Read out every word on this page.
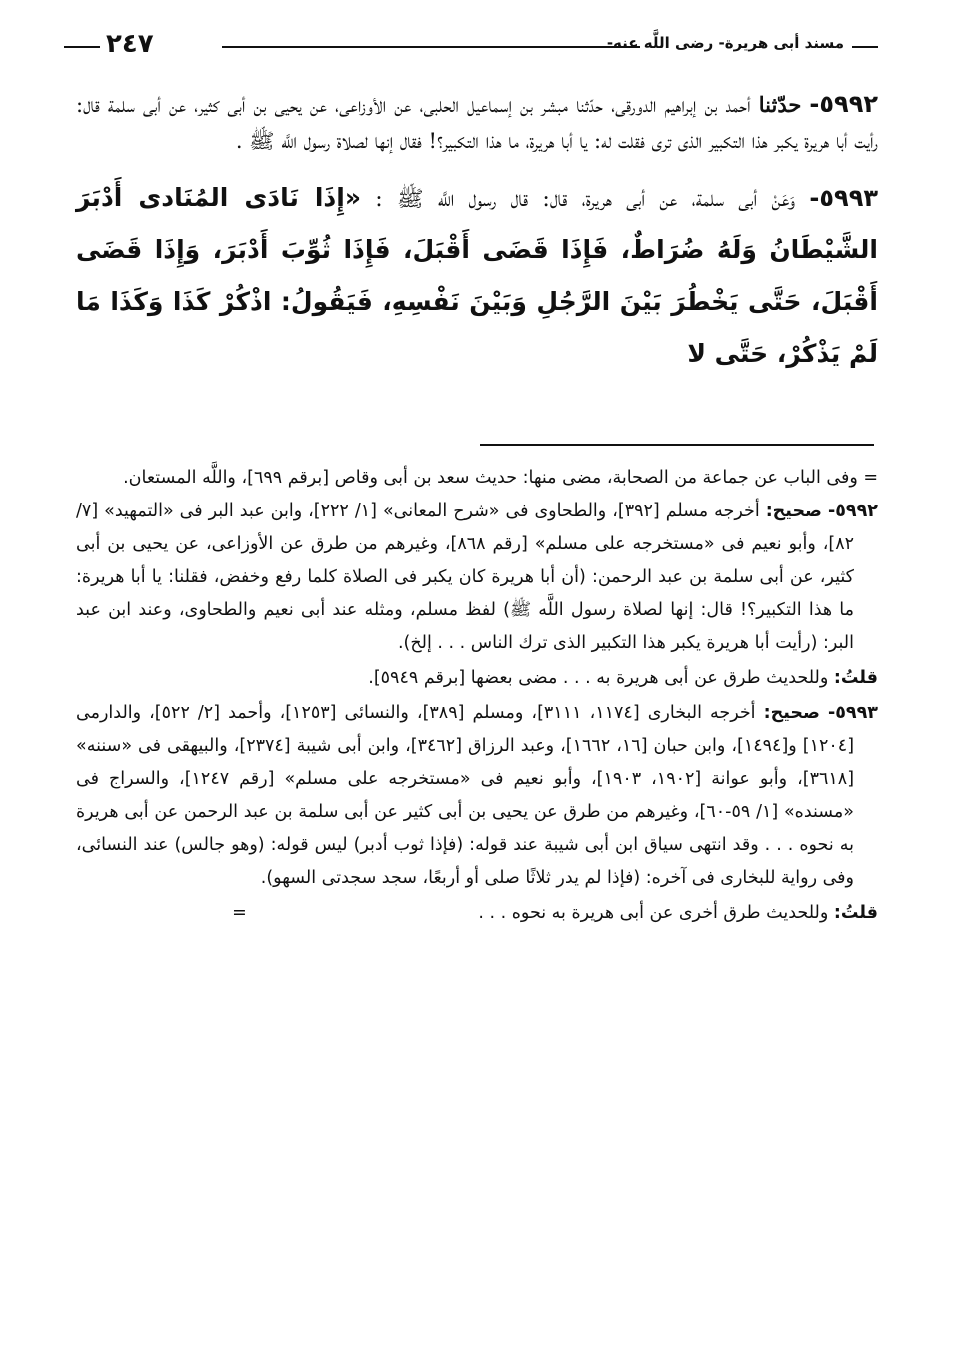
٢٤٧	مسند أبى هريرة- رضى اللَّه عنه-

٥٩٩٢- حدّثنا أحمد بن إبراهيم الدورقى، حدّثنا مبشر بن إسماعيل الحلبى، عن الأوزاعى، عن يحيى بن أبى كثير، عن أبى سلمة قال: رأيت أبا هريرة يكبر هذا التكبير الذى ترى فقلت له: يا أبا هريرة، ما هذا التكبير؟! فقال إنها لصلاة رسول اللَّه ﷺ .

٥٩٩٣- وَعَنْ أبى سلمة، عن أبى هريرة، قال: قال رسول اللَّه ﷺ : «إِذَا نَادَى المُنَادى أَدْبَرَ الشَّيْطَانُ وَلَهُ ضُرَاطٌ، فَإِذَا قَضَى أَقْبَلَ، فَإِذَا ثُوِّبَ أَدْبَرَ، وَإِذَا قَضَى أَقْبَلَ، حَتَّى يَخْطُرَ بَيْنَ الرَّجُلِ وَبَيْنَ نَفْسِهِ، فَيَقُولُ: اذْكُرْ كَذَا وَكَذَا مَا لَمْ يَذْكُرْ، حَتَّى لا

= وفى الباب عن جماعة من الصحابة، مضى منها: حديث سعد بن أبى وقاص [برقم ٦٩٩]، واللَّه المستعان.

٥٩٩٢- صحيح: أخرجه مسلم [٣٩٢]، والطحاوى فى «شرح المعانى» [١/ ٢٢٢]، وابن عبد البر فى «التمهيد» [٧/ ٨٢]، وأبو نعيم فى «مستخرجه على مسلم» [رقم ٨٦٨]، وغيرهم من طرق عن الأوزاعى، عن يحيى بن أبى كثير، عن أبى سلمة بن عبد الرحمن: (أن أبا هريرة كان يكبر فى الصلاة كلما رفع وخفض، فقلنا: يا أبا هريرة: ما هذا التكبير؟! قال: إنها لصلاة رسول اللَّه ﷺ) لفظ مسلم، ومثله عند أبى نعيم والطحاوى، وعند ابن عبد البر: (رأيت أبا هريرة يكبر هذا التكبير الذى ترك الناس . . . إلخ).

قلتُ: وللحديث طرق عن أبى هريرة به . . . مضى بعضها [برقم ٥٩٤٩].

٥٩٩٣- صحيح: أخرجه البخارى [١١٧٤، ٣١١١]، ومسلم [٣٨٩]، والنسائى [١٢٥٣]، وأحمد [٢/ ٥٢٢]، والدارمى [١٢٠٤] و[١٤٩٤]، وابن حبان [١٦، ١٦٦٢]، وعبد الرزاق [٣٤٦٢]، وابن أبى شيبة [٢٣٧٤]، والبيهقى فى «سننه» [٣٦١٨]، وأبو عوانة [١٩٠٢، ١٩٠٣]، وأبو نعيم فى «مستخرجه على مسلم» [رقم ١٢٤٧]، والسراج فى «مسنده» [١/ ٥٩-٦٠]، وغيرهم من طرق عن يحيى بن أبى كثير عن أبى سلمة بن عبد الرحمن عن أبى هريرة به نحوه . . . وقد انتهى سياق ابن أبى شيبة عند قوله: (فإذا ثوب أدبر) ليس قوله: (وهو جالس) عند النسائى، وفى رواية للبخارى فى آخره: (فإذا لم يدر ثلاثًا صلى أو أربعًا، سجد سجدتى السهو).

قلتُ: وللحديث طرق أخرى عن أبى هريرة به نحوه . . . =
